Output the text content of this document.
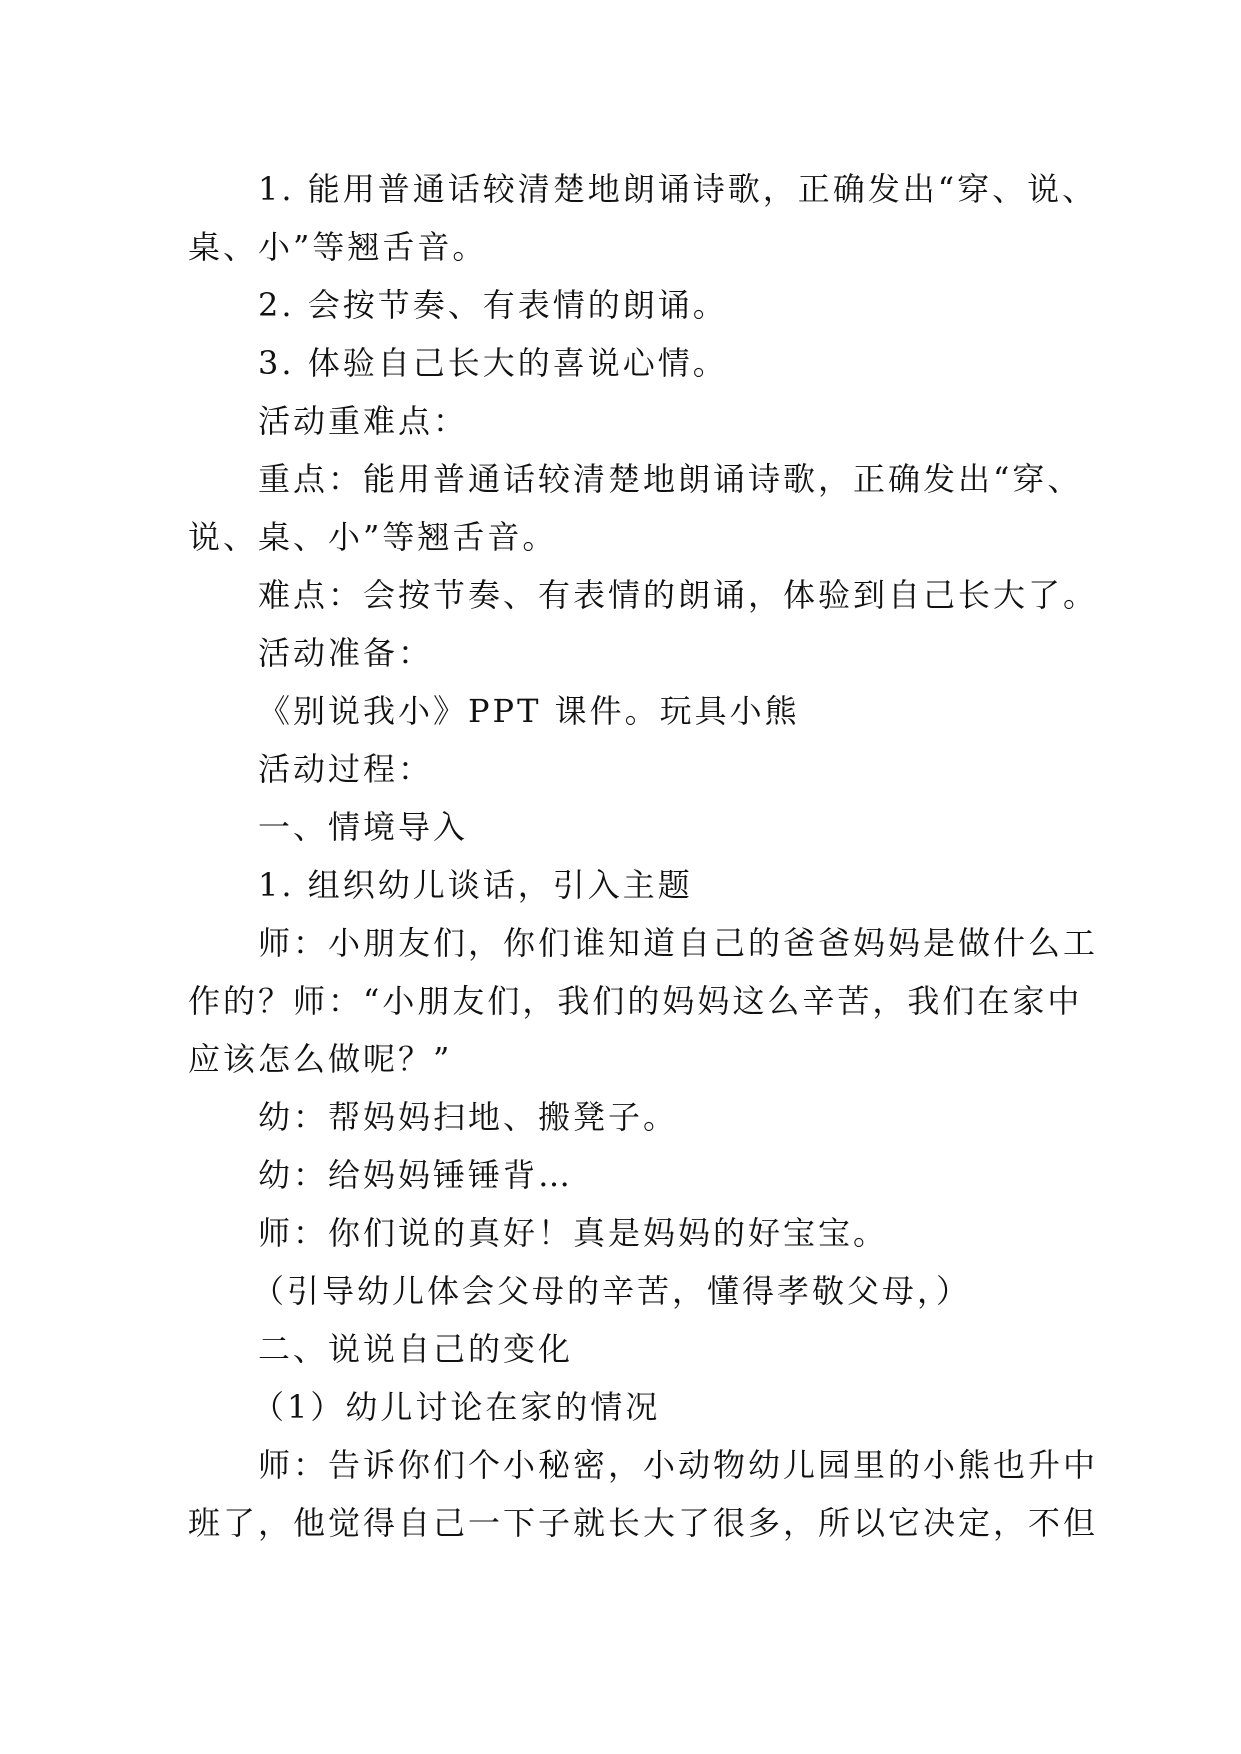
1. 能用普通话较清楚地朗诵诗歌，正确发出“穿、说、
桌、小”等翘舌音。
2. 会按节奏、有表情的朗诵。
3. 体验自己长大的喜说心情。
活动重难点：
重点：能用普通话较清楚地朗诵诗歌，正确发出“穿、
说、桌、小”等翘舌音。
难点：会按节奏、有表情的朗诵，体验到自己长大了。
活动准备：
《别说我小》PPT 课件。玩具小熊
活动过程：
一、情境导入
1. 组织幼儿谈话，引入主题
师：小朋友们，你们谁知道自己的爸爸妈妈是做什么工
作的？师：“小朋友们，我们的妈妈这么辛苦，我们在家中
应该怎么做呢？”
幼：帮妈妈扫地、搬凳子。
幼：给妈妈锤锤背…
师：你们说的真好！真是妈妈的好宝宝。
（引导幼儿体会父母的辛苦，懂得孝敬父母，）
二、说说自己的变化
（1）幼儿讨论在家的情况
师：告诉你们个小秘密，小动物幼儿园里的小熊也升中
班了，他觉得自己一下子就长大了很多，所以它决定，不但
